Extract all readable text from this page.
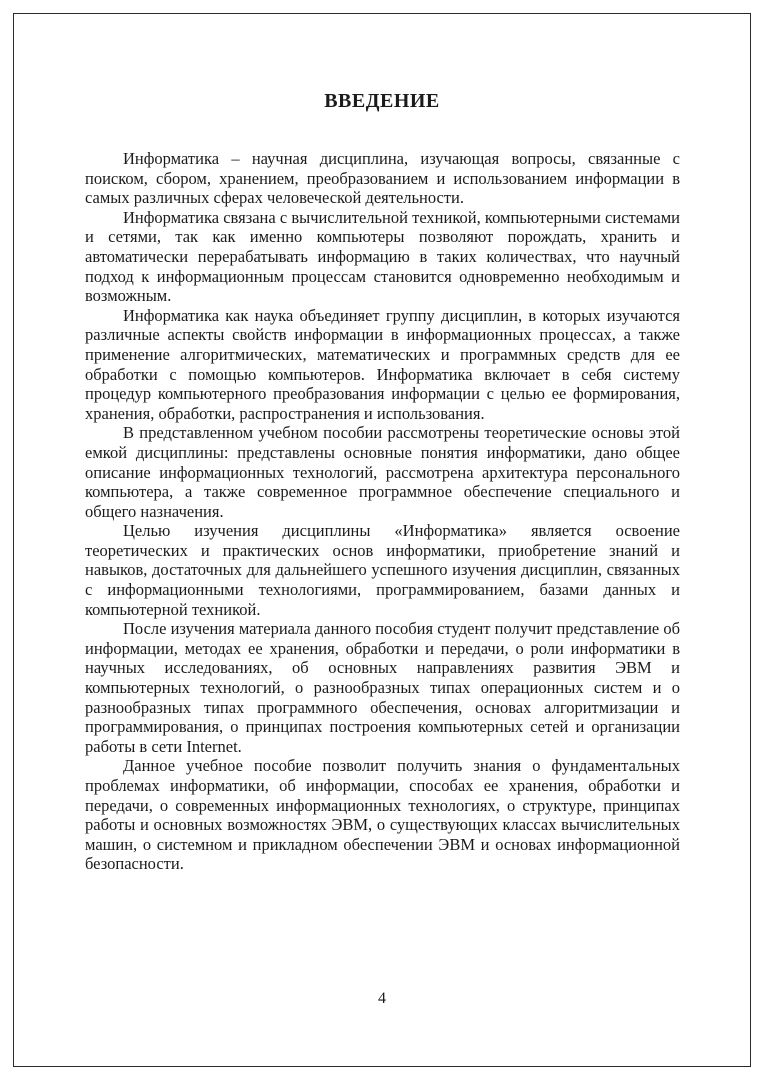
ВВЕДЕНИЕ

Информатика – научная дисциплина, изучающая вопросы, связанные с поиском, сбором, хранением, преобразованием и использованием информации в самых различных сферах человеческой деятельности.

Информатика связана с вычислительной техникой, компьютерными системами и сетями, так как именно компьютеры позволяют порождать, хранить и автоматически перерабатывать информацию в таких количествах, что научный подход к информационным процессам становится одновременно необходимым и возможным.

Информатика как наука объединяет группу дисциплин, в которых изучаются различные аспекты свойств информации в информационных процессах, а также применение алгоритмических, математических и программных средств для ее обработки с помощью компьютеров. Информатика включает в себя систему процедур компьютерного преобразования информации с целью ее формирования, хранения, обработки, распространения и использования.

В представленном учебном пособии рассмотрены теоретические основы этой емкой дисциплины: представлены основные понятия информатики, дано общее описание информационных технологий, рассмотрена архитектура персонального компьютера, а также современное программное обеспечение специального и общего назначения.

Целью изучения дисциплины «Информатика» является освоение теоретических и практических основ информатики, приобретение знаний и навыков, достаточных для дальнейшего успешного изучения дисциплин, связанных с информационными технологиями, программированием, базами данных и компьютерной техникой.

После изучения материала данного пособия студент получит представление об информации, методах ее хранения, обработки и передачи, о роли информатики в научных исследованиях, об основных направлениях развития ЭВМ и компьютерных технологий, о разнообразных типах операционных систем и о разнообразных типах программного обеспечения, основах алгоритмизации и программирования, о принципах построения компьютерных сетей и организации работы в сети Internet.

Данное учебное пособие позволит получить знания о фундаментальных проблемах информатики, об информации, способах ее хранения, обработки и передачи, о современных информационных технологиях, о структуре, принципах работы и основных возможностях ЭВМ, о существующих классах вычислительных машин, о системном и прикладном обеспечении ЭВМ и основах информационной безопасности.

4
